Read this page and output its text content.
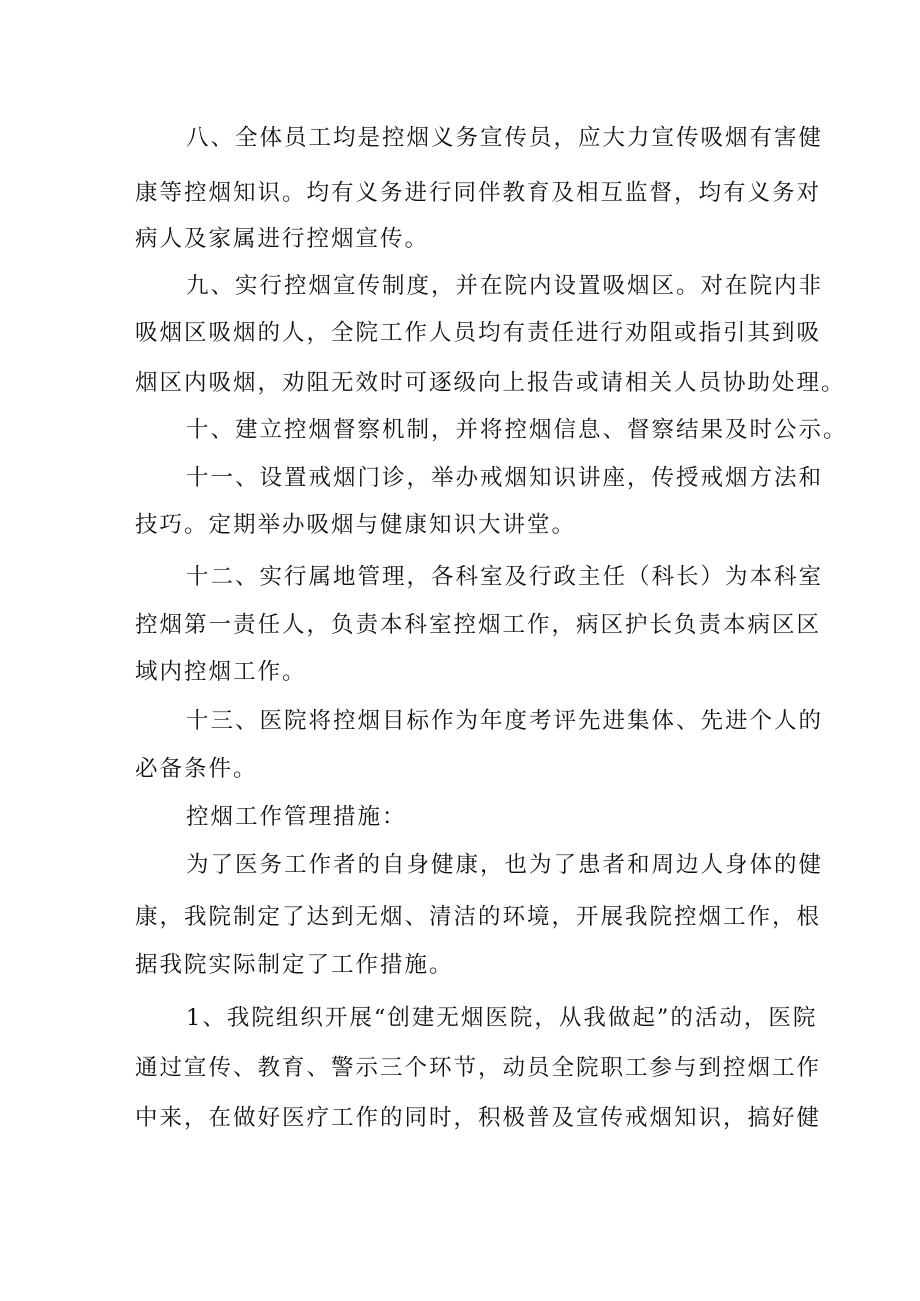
八、全体员工均是控烟义务宣传员，应大力宣传吸烟有害健
康等控烟知识。均有义务进行同伴教育及相互监督，均有义务对
病人及家属进行控烟宣传。
九、实行控烟宣传制度，并在院内设置吸烟区。对在院内非
吸烟区吸烟的人，全院工作人员均有责任进行劝阻或指引其到吸
烟区内吸烟，劝阻无效时可逐级向上报告或请相关人员协助处理。
十、建立控烟督察机制，并将控烟信息、督察结果及时公示。
十一、设置戒烟门诊，举办戒烟知识讲座，传授戒烟方法和
技巧。定期举办吸烟与健康知识大讲堂。
十二、实行属地管理，各科室及行政主任（科长）为本科室
控烟第一责任人，负责本科室控烟工作，病区护长负责本病区区
域内控烟工作。
十三、医院将控烟目标作为年度考评先进集体、先进个人的
必备条件。
控烟工作管理措施：
为了医务工作者的自身健康，也为了患者和周边人身体的健
康，我院制定了达到无烟、清洁的环境，开展我院控烟工作，根
据我院实际制定了工作措施。
1、我院组织开展“创建无烟医院，从我做起”的活动，医院
通过宣传、教育、警示三个环节，动员全院职工参与到控烟工作
中来，在做好医疗工作的同时，积极普及宣传戒烟知识，搞好健
